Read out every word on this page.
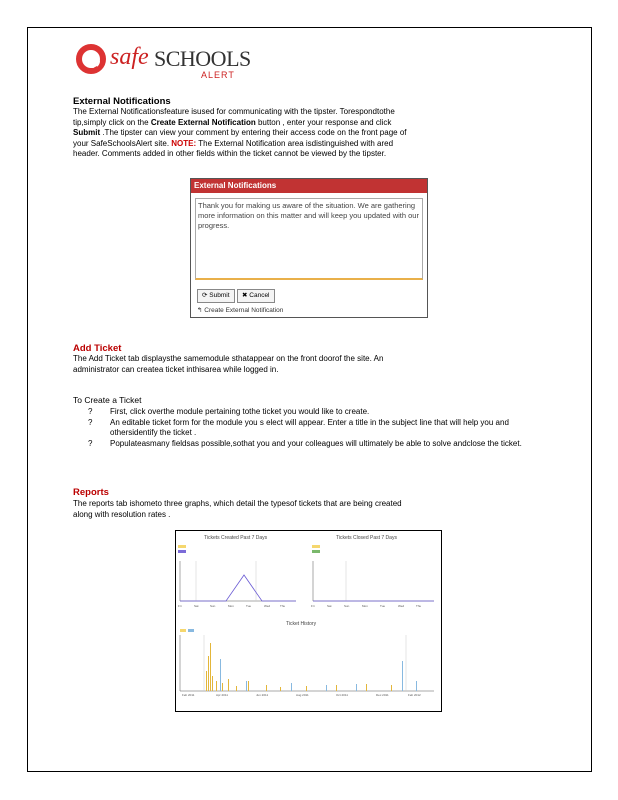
safe SCHOOLS
ALERT
External Notifications
The External Notificationsfeature isused for communicating with the tipster. Torespondtothe
tip,simply click on the Create External Notification button , enter your response and click
Submit .The tipster can view your comment by entering their access code on the front page of
your SafeSchoolsAlert site. NOTE: The External Notification area isdistinguished with ared
header. Comments added in other fields within the ticket cannot be viewed by the tipster.
External Notifications
Thank you for making us aware of the situation. We are gathering more information on this matter and will keep you updated with our progress.
⟳ Submit	✖ Cancel
↰ Create External Notification
Add Ticket
The Add Ticket tab displaysthe samemodule sthatappear on the front doorof the site. An
administrator can createa ticket inthisarea while logged in.
To Create a Ticket
? First, click overthe module pertaining tothe ticket you would like to create.
? An editable ticket form for the module you s elect will appear. Enter a title in the subject line that will help you and othersidentify the ticket .
? Populateasmany fieldsas possible,sothat you and your colleagues will ultimately be able to solve andclose the ticket.
Reports
The reports tab ishometo three graphs, which detail the typesof tickets that are being created
along with resolution rates .
Tickets Created Past 7 Days	Tickets Closed Past 7 Days
Ticket History
Fri	Sat	Sun	Mon	Tue	Wed	Thu	Fri	Sat	Sun	Mon	Tue	Wed	Thu
Feb 2011	Apr 2011	Jun 2011	Aug 2011	Oct 2011	Dec 2011	Feb 2012
